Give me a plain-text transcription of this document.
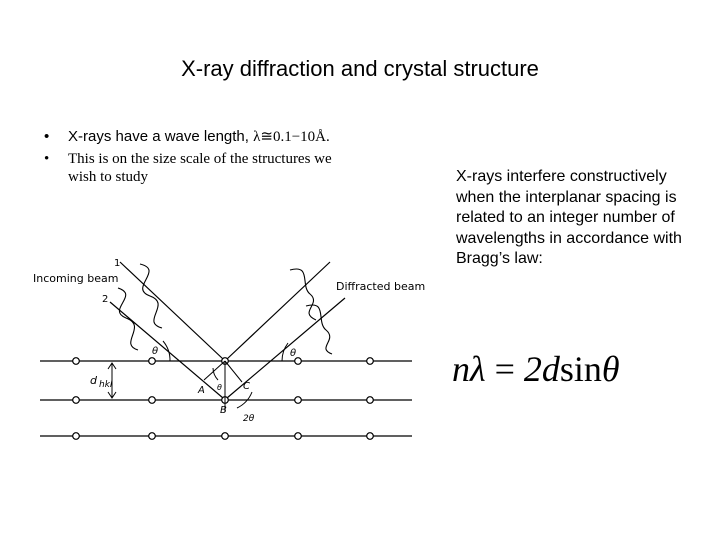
X-ray diffraction and crystal structure
• X-rays have a wave length, λ≅0.1−10Å.
• This is on the size scale of the structures we wish to study	X-rays interfere constructively when the interplanar spacing is related to an integer number of wavelengths in accordance with Bragg’s law:
nλ = 2dsinθ
Incoming beam
Diffracted beam
1
2
θ	θ
θ
d $_{hkl}$	A
B
C
2θ
